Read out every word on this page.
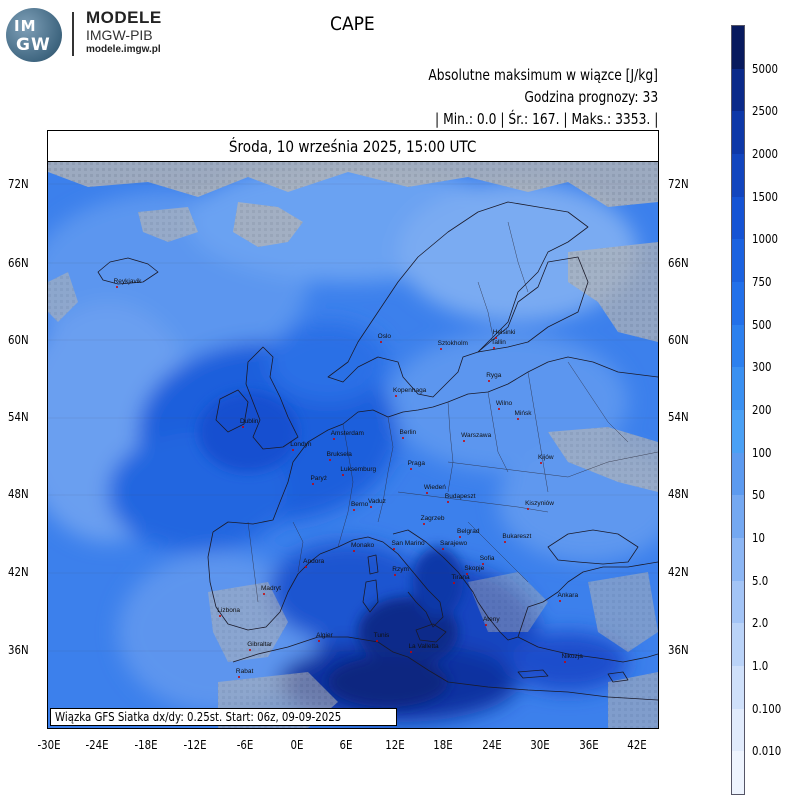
IM
GW
MODELE
IMGW-PIB
modele.imgw.pl
CAPE
Absolutne maksimum w wiązce [J/kg]
Godzina prognozy: 33
| Min.: 0.0 | Śr.: 167. | Maks.: 3353. |
Środa, 10 września 2025, 15:00 UTC
Reykjavik
Oslo
Sztokholm
Helsinki
Tallin
Ryga
Kopenhaga
Wilno
Mińsk
Dublin
Londyn
Amsterdam	Berlin
Warszawa
Bruksela
Luksemburg
Paryż
Praga
Kijów
Wiedeń
Budapeszt
Kiszyniów
Berno Vaduz
Zagrzeb
Belgrad
Bukareszt
Monako	San Marino Sarajewo
Sofia
Skopje
Andora
Rzym
Tirana
Madryt
Ankara
Lizbona
Ateny
Algier	Tunis
La Valletta
Gibraltar
Nikozja
Rabat
Wiązka GFS Siatka dx/dy: 0.25st. Start: 06z, 09-09-2025
72N
66N
60N
54N
48N
42N
36N
72N
66N
60N
54N
48N
42N
36N
-30E -24E -18E -12E	-6E	0E	6E	12E 18E 24E 30E 36E 42E
5000
2500
2000
1500
1000
750
500
300
200
100
50
10
5.0
2.0
1.0
0.100
0.010
